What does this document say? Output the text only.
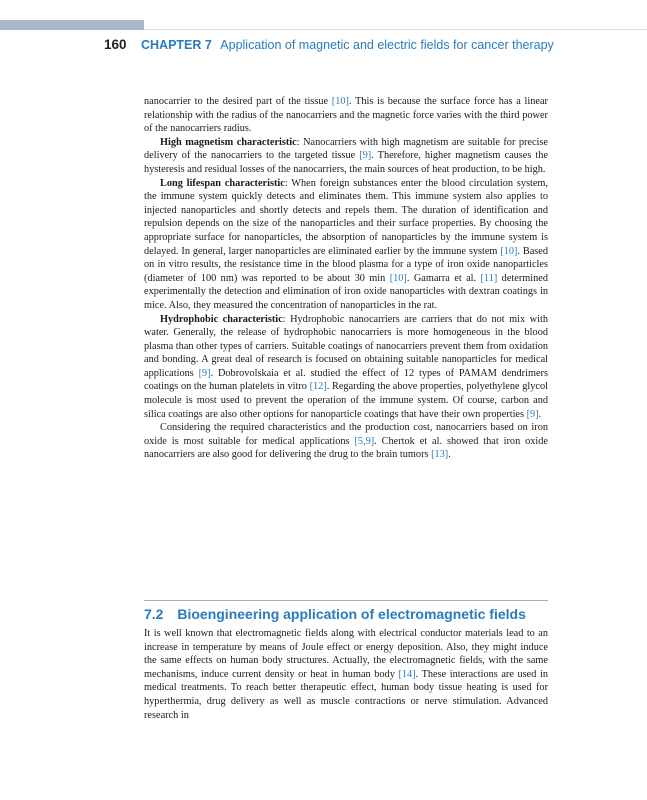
160 CHAPTER 7 Application of magnetic and electric fields for cancer therapy

nanocarrier to the desired part of the tissue [10]. This is because the surface force has a linear relationship with the radius of the nanocarriers and the magnetic force varies with the third power of the nanocarriers radius.

High magnetism characteristic: Nanocarriers with high magnetism are suitable for precise delivery of the nanocarriers to the targeted tissue [9]. Therefore, higher magnetism causes the hysteresis and residual losses of the nanocarriers, the main sources of heat production, to be high.

Long lifespan characteristic: When foreign substances enter the blood circulation system, the immune system quickly detects and eliminates them. This immune system also applies to injected nanoparticles and shortly detects and repels them. The duration of identification and repulsion depends on the size of the nanoparticles and their surface properties. By choosing the appropriate surface for nanoparticles, the absorption of nanoparticles by the immune system is delayed. In general, larger nanoparticles are eliminated earlier by the immune system [10]. Based on in vitro results, the resistance time in the blood plasma for a type of iron oxide nanoparticles (diameter of 100 nm) was reported to be about 30 min [10]. Gamarra et al. [11] determined experimentally the detection and elimination of iron oxide nanoparticles with dextran coatings in mice. Also, they measured the concentration of nanoparticles in the rat.

Hydrophobic characteristic: Hydrophobic nanocarriers are carriers that do not mix with water. Generally, the release of hydrophobic nanocarriers is more homogeneous in the blood plasma than other types of carriers. Suitable coatings of nanocarriers prevent them from oxidation and bonding. A great deal of research is focused on obtaining suitable nanoparticles for medical applications [9]. Dobrovolskaia et al. studied the effect of 12 types of PAMAM dendrimers coatings on the human platelets in vitro [12]. Regarding the above properties, polyethylene glycol molecule is most used to prevent the operation of the immune system. Of course, carbon and silica coatings are also other options for nanoparticle coatings that have their own properties [9].

Considering the required characteristics and the production cost, nanocarriers based on iron oxide is most suitable for medical applications [5,9]. Chertok et al. showed that iron oxide nanocarriers are also good for delivering the drug to the brain tumors [13].

7.2 Bioengineering application of electromagnetic fields

It is well known that electromagnetic fields along with electrical conductor materials lead to an increase in temperature by means of Joule effect or energy deposition. Also, they might induce the same effects on human body structures. Actually, the electromagnetic fields, with the same mechanisms, induce current density or heat in human body [14]. These interactions are used in medical treatments. To reach better therapeutic effect, human body tissue heating is used for hyperthermia, drug delivery as well as muscle contractions or nerve stimulation. Advanced research in
